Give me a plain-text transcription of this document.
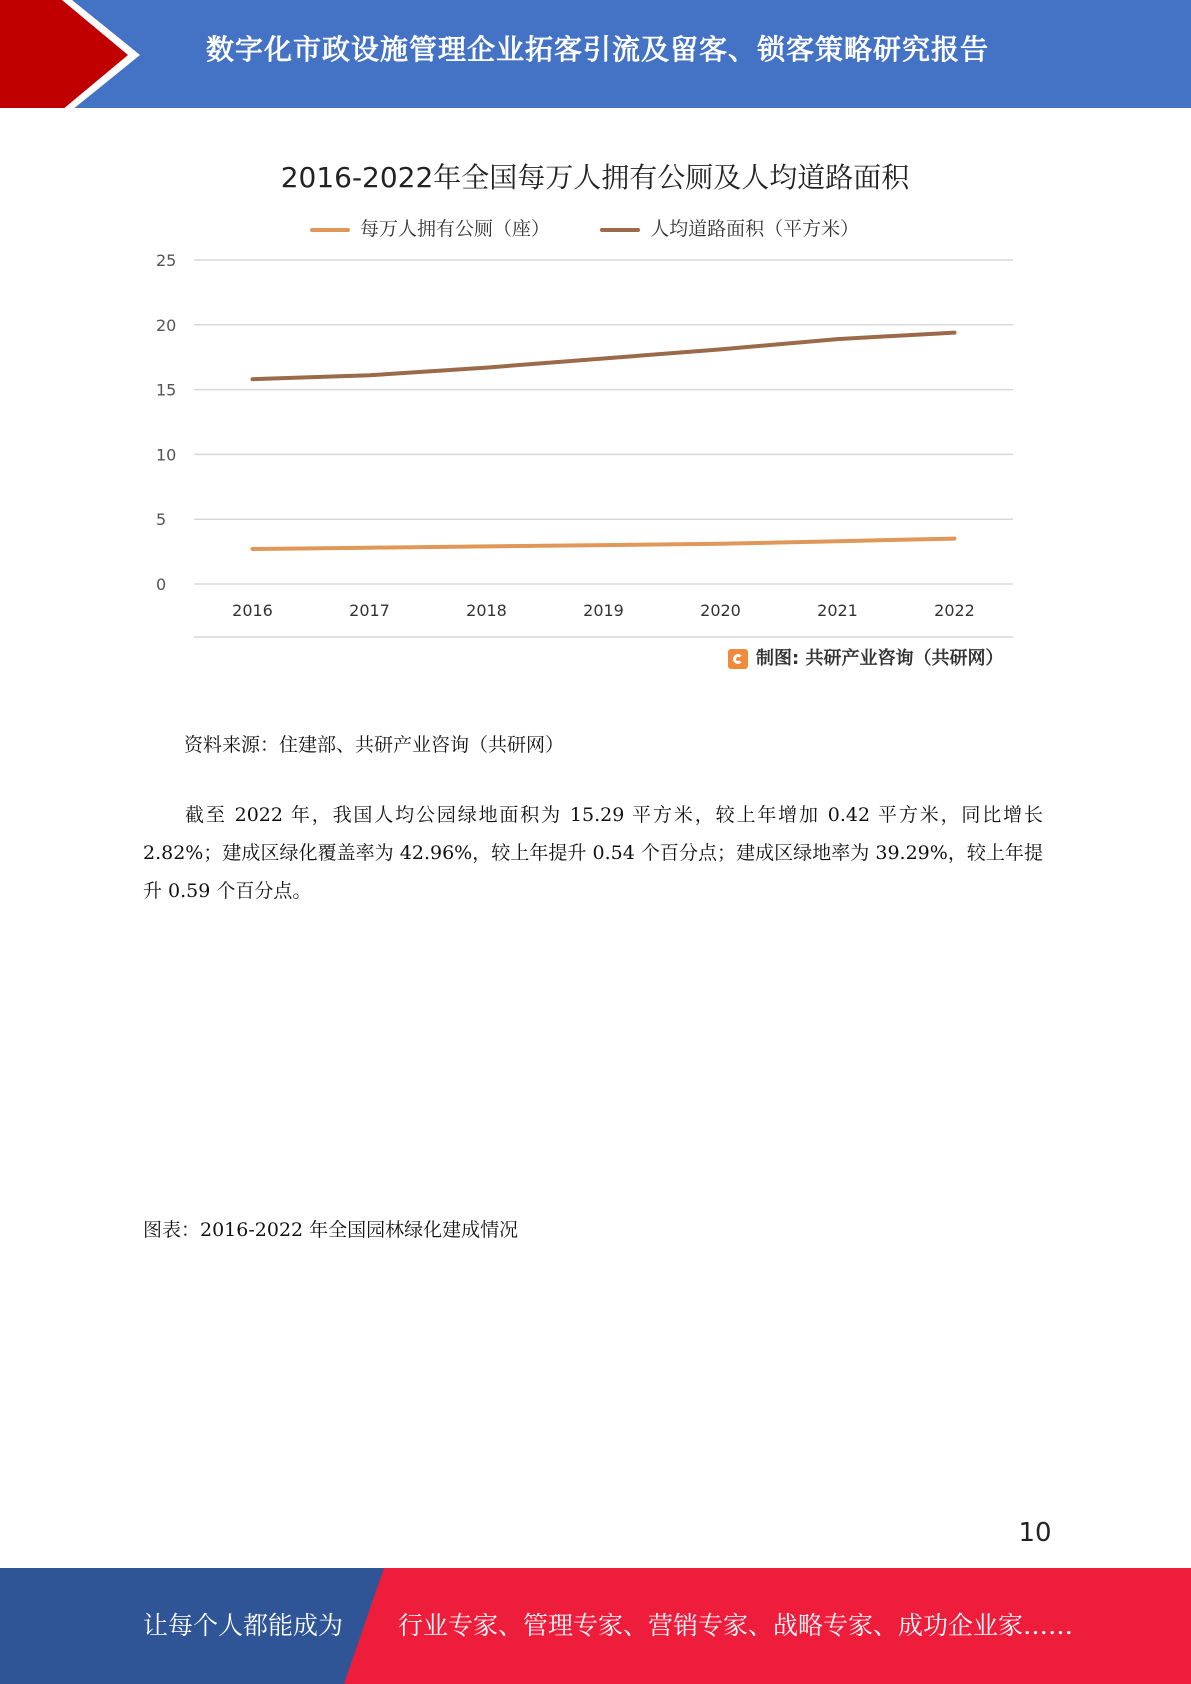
数字化市政设施管理企业拓客引流及留客、锁客策略研究报告
0
5
10
15
20
25
2016	2017	2018	2019	2020	2021	2022
2016-2022年全国每万人拥有公厕及人均道路面积
每万人拥有公厕（座）	人均道路面积（平方米）
制图: 共研产业咨询（共研网）
资料来源：住建部、共研产业咨询（共研网）
截至 2022 年，我国人均公园绿地面积为 15.29 平方米，较上年增加 0.42 平方米，同比增长 2.82%；建成区绿化覆盖率为 42.96%，较上年提升 0.54 个百分点；建成区绿地率为 39.29%，较上年提升 0.59 个百分点。
图表：2016-2022 年全国园林绿化建成情况
10
让每个人都能成为 行业专家、管理专家、营销专家、战略专家、成功企业家……
